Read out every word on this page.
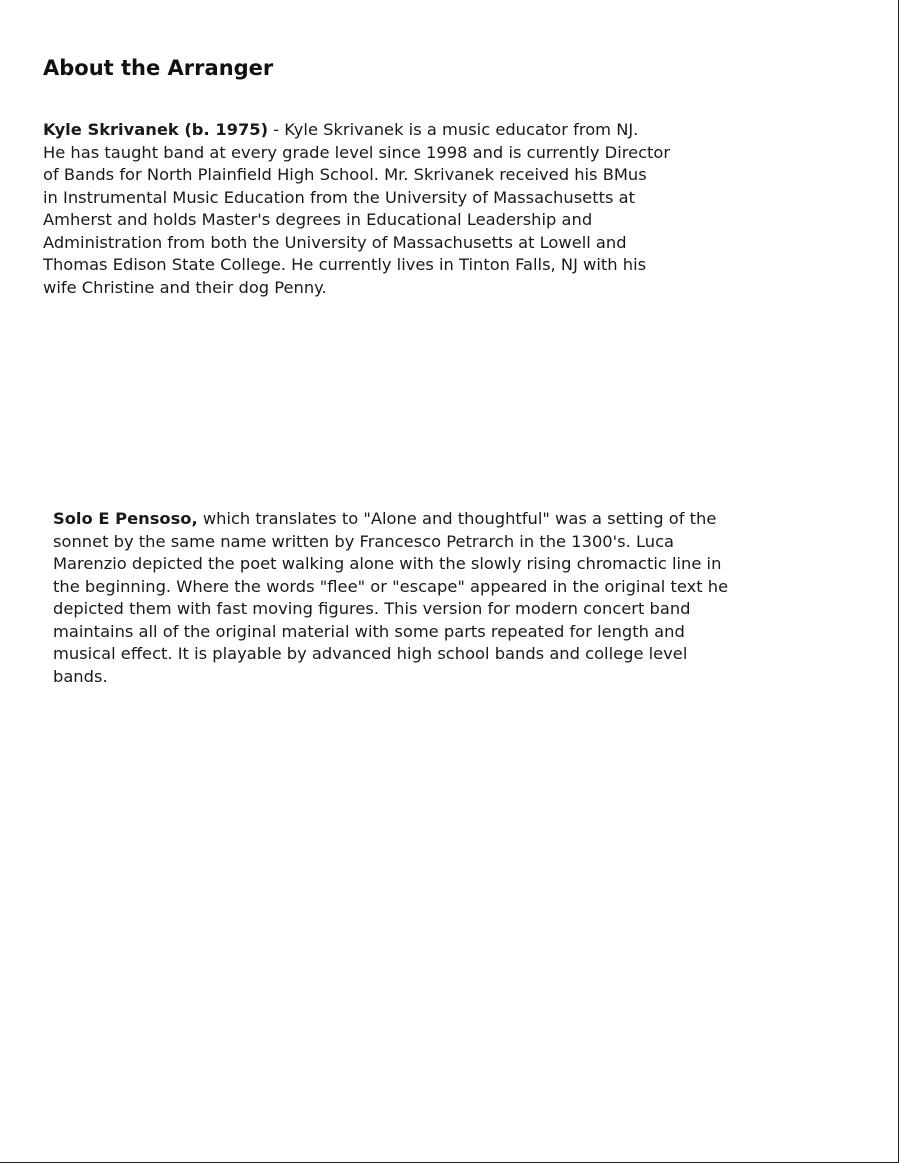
About the Arranger
Kyle Skrivanek (b. 1975) - Kyle Skrivanek is a music educator from NJ.
He has taught band at every grade level since 1998 and is currently Director
of Bands for North Plainfield High School. Mr. Skrivanek received his BMus
in Instrumental Music Education from the University of Massachusetts at
Amherst and holds Master's degrees in Educational Leadership and
Administration from both the University of Massachusetts at Lowell and
Thomas Edison State College. He currently lives in Tinton Falls, NJ with his
wife Christine and their dog Penny.
Solo E Pensoso, which translates to "Alone and thoughtful" was a setting of the
sonnet by the same name written by Francesco Petrarch in the 1300's. Luca
Marenzio depicted the poet walking alone with the slowly rising chromactic line in
the beginning. Where the words "flee" or "escape" appeared in the original text he
depicted them with fast moving figures. This version for modern concert band
maintains all of the original material with some parts repeated for length and
musical effect. It is playable by advanced high school bands and college level
bands.
